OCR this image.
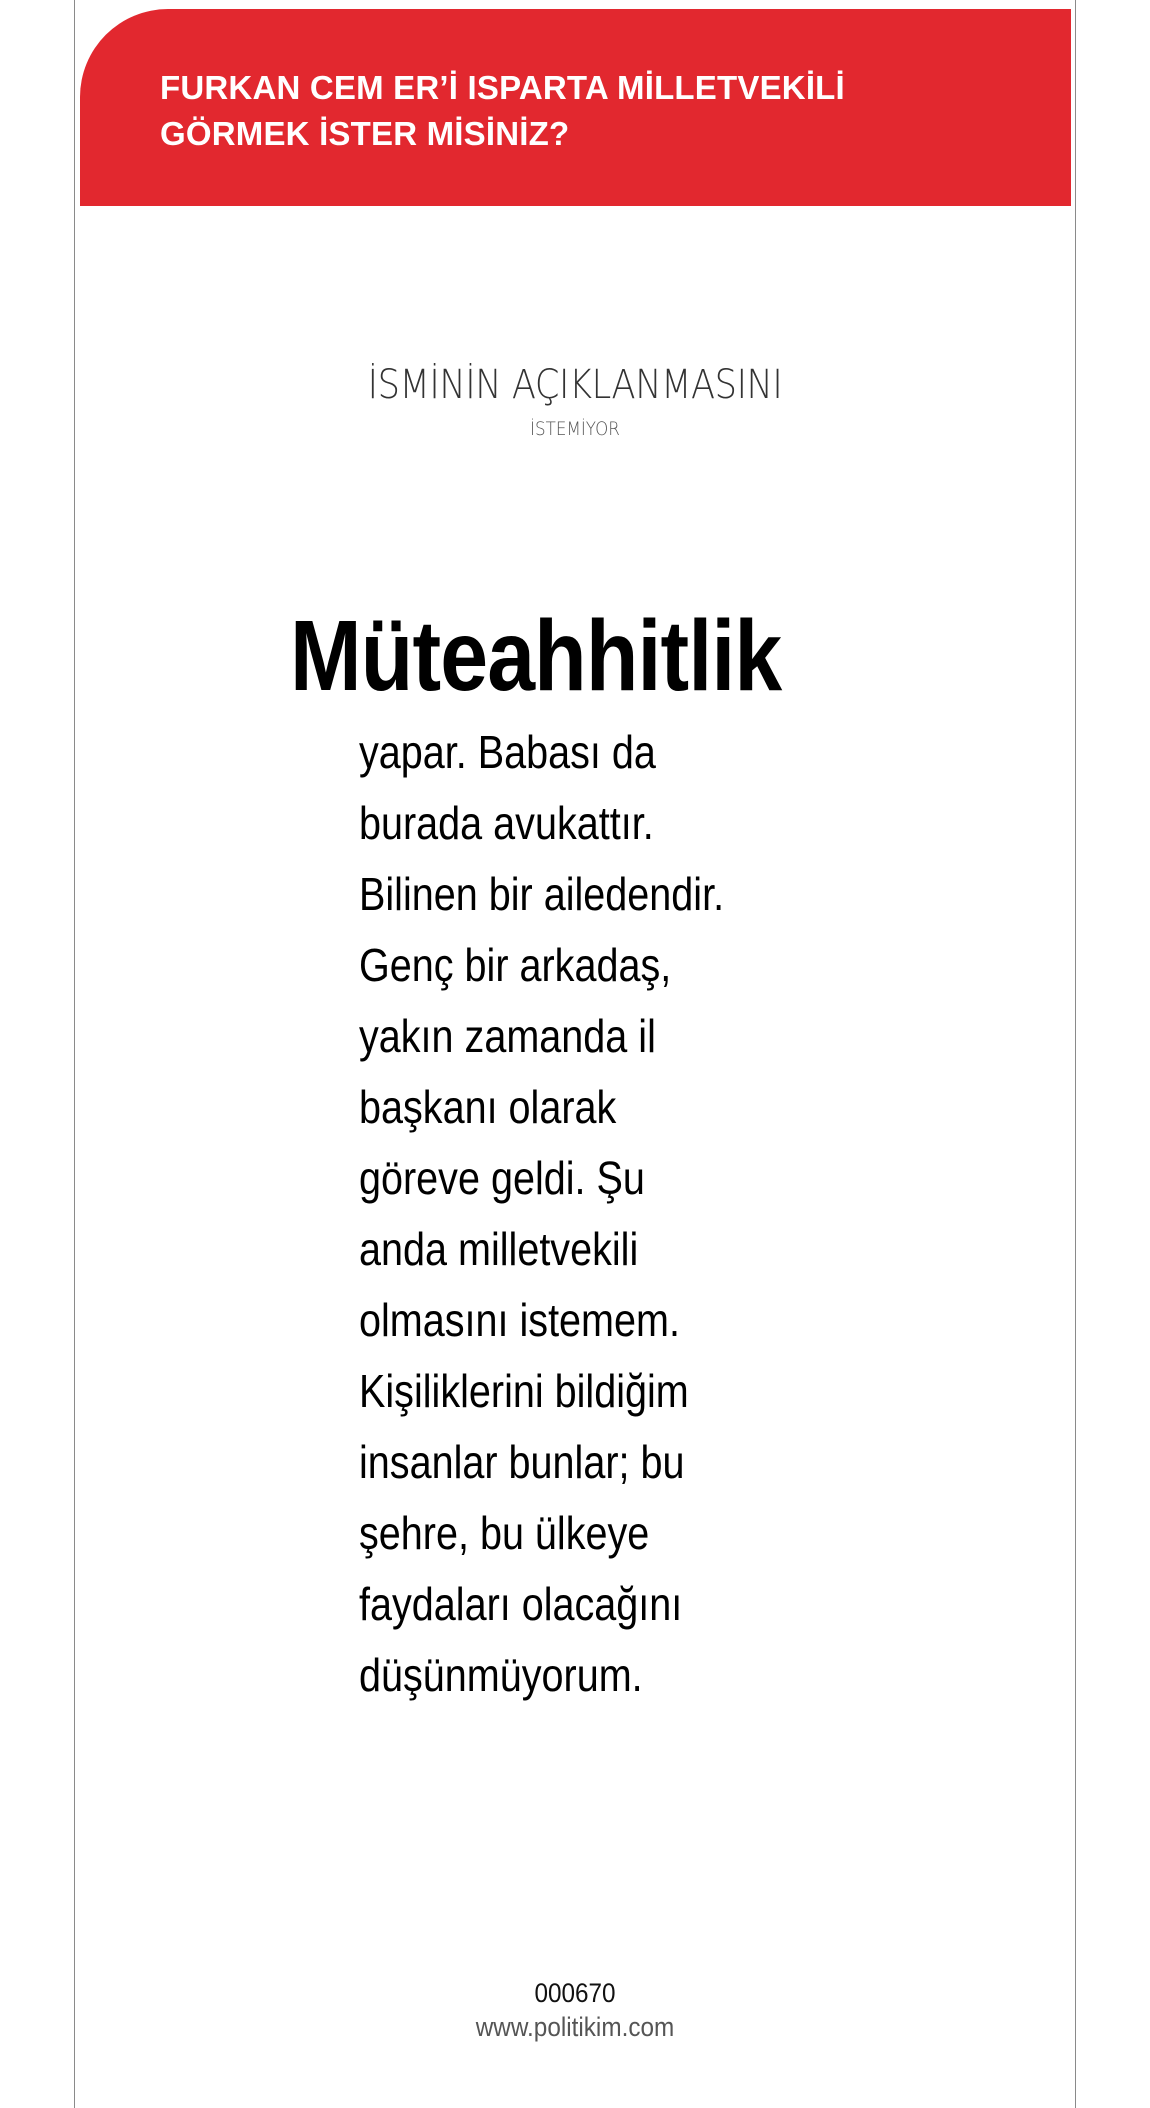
FURKAN CEM ER’İ ISPARTA MİLLETVEKİLİ
GÖRMEK İSTER MİSİNİZ?
İSMİNİN AÇIKLANMASINI
İSTEMİYOR
Müteahhitlik
yapar. Babası da
burada avukattır.
Bilinen bir ailedendir.
Genç bir arkadaş,
yakın zamanda il
başkanı olarak
göreve geldi. Şu
anda milletvekili
olmasını istemem.
Kişiliklerini bildiğim
insanlar bunlar; bu
şehre, bu ülkeye
faydaları olacağını
düşünmüyorum.
000670
www.politikim.com
